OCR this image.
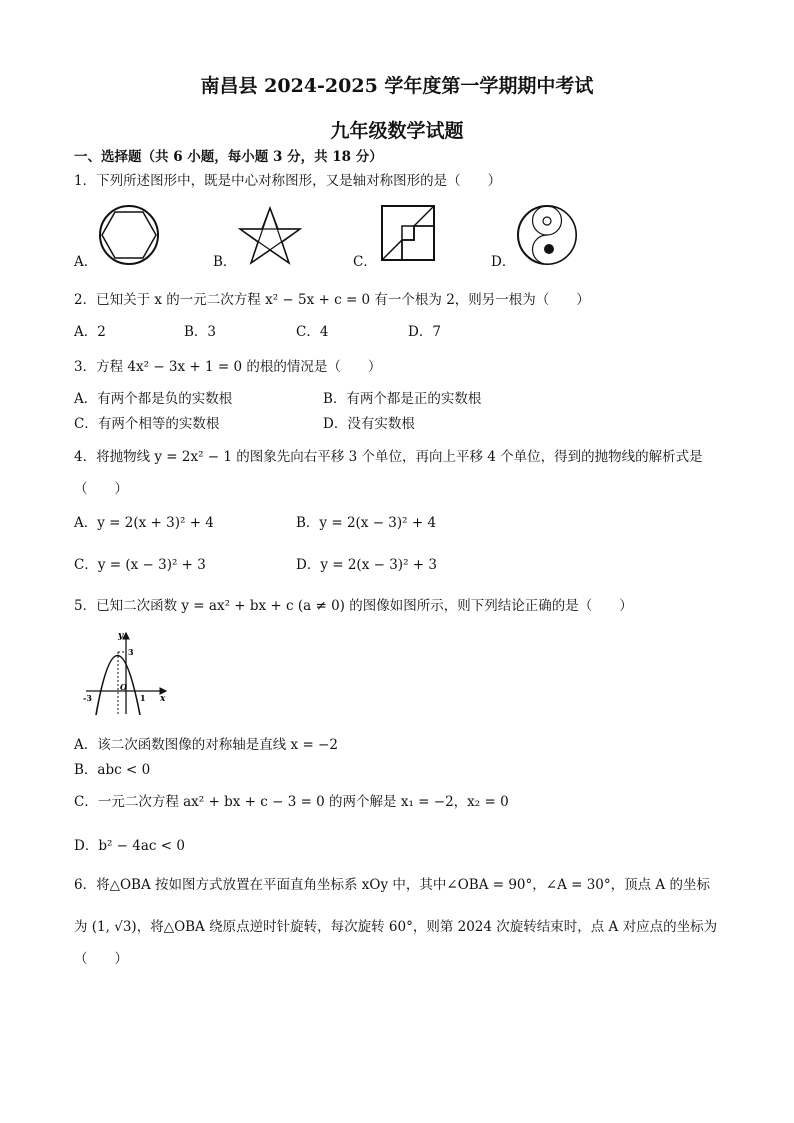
南昌县 2024-2025 学年度第一学期期中考试
九年级数学试题
一、选择题（共 6 小题，每小题 3 分，共 18 分）
1．下列所述图形中，既是中心对称图形，又是轴对称图形的是（　　）
A．	B．	C．	D．
2．已知关于 x 的一元二次方程 x² − 5x + c = 0 有一个根为 2，则另一根为（　　）
A．2	B．3	C．4	D．7
3．方程 4x² − 3x + 1 = 0 的根的情况是（　　）
A．有两个都是负的实数根	B．有两个都是正的实数根
C．有两个相等的实数根	D．没有实数根
4．将抛物线 y = 2x² − 1 的图象先向右平移 3 个单位，再向上平移 4 个单位，得到的抛物线的解析式是
（　　）
A．y = 2(x + 3)² + 4	B．y = 2(x − 3)² + 4
C．y = (x − 3)² + 3	D．y = 2(x − 3)² + 3
5．已知二次函数 y = ax² + bx + c (a ≠ 0) 的图像如图所示，则下列结论正确的是（　　）
y
3
O
-3	1 x
A．该二次函数图像的对称轴是直线 x = −2
B．abc < 0
C．一元二次方程 ax² + bx + c − 3 = 0 的两个解是 x₁ = −2，x₂ = 0
D．b² − 4ac < 0
6．将△OBA 按如图方式放置在平面直角坐标系 xOy 中，其中∠OBA = 90°，∠A = 30°，顶点 A 的坐标
为 (1, √3)，将△OBA 绕原点逆时针旋转，每次旋转 60°，则第 2024 次旋转结束时，点 A 对应点的坐标为
（　　）
